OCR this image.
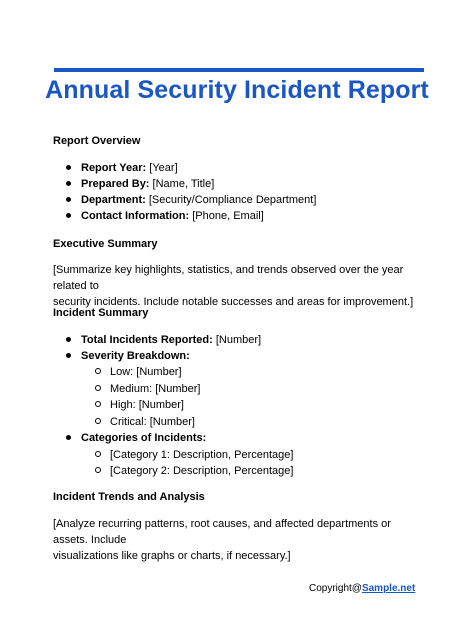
Annual Security Incident Report
Report Overview
Report Year: [Year]
Prepared By: [Name, Title]
Department: [Security/Compliance Department]
Contact Information: [Phone, Email]
Executive Summary
[Summarize key highlights, statistics, and trends observed over the year related to
security incidents. Include notable successes and areas for improvement.]
Incident Summary
Total Incidents Reported: [Number]
Severity Breakdown:
Low: [Number]
Medium: [Number]
High: [Number]
Critical: [Number]
Categories of Incidents:
[Category 1: Description, Percentage]
[Category 2: Description, Percentage]
Incident Trends and Analysis
[Analyze recurring patterns, root causes, and affected departments or assets. Include
visualizations like graphs or charts, if necessary.]
Copyright@Sample.net
